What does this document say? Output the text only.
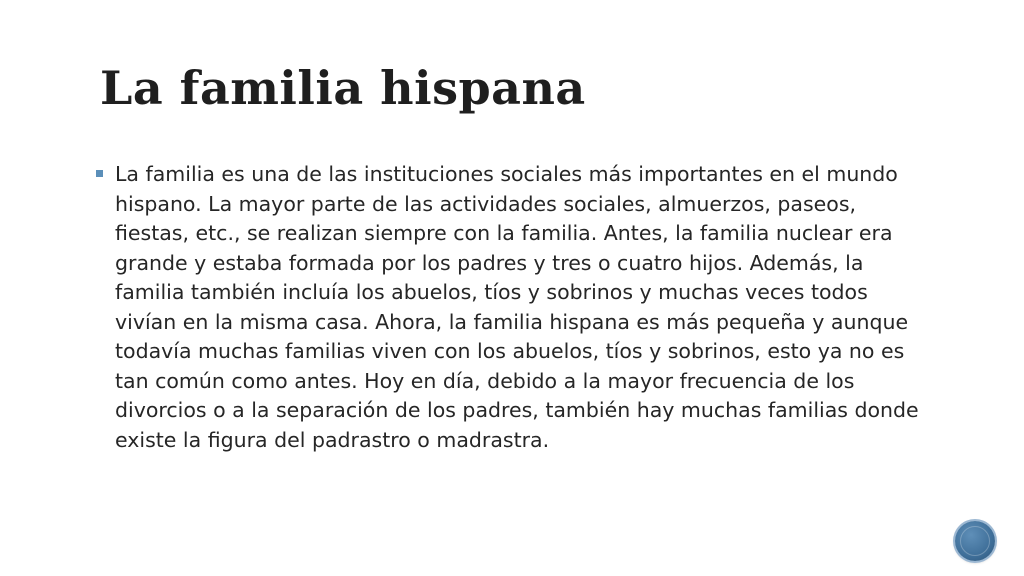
La familia hispana
La familia es una de las instituciones sociales más importantes en el mundo hispano. La mayor parte de las actividades sociales, almuerzos, paseos, fiestas, etc., se realizan siempre con la familia. Antes, la familia nuclear era grande y estaba formada por los padres y tres o cuatro hijos. Además, la familia también incluía los abuelos, tíos y sobrinos y muchas veces todos vivían en la misma casa. Ahora, la familia hispana es más pequeña y aunque todavía muchas familias viven con los abuelos, tíos y sobrinos, esto ya no es tan común como antes. Hoy en día, debido a la mayor frecuencia de los divorcios o a la separación de los padres, también hay muchas familias donde existe la figura del padrastro o madrastra.
